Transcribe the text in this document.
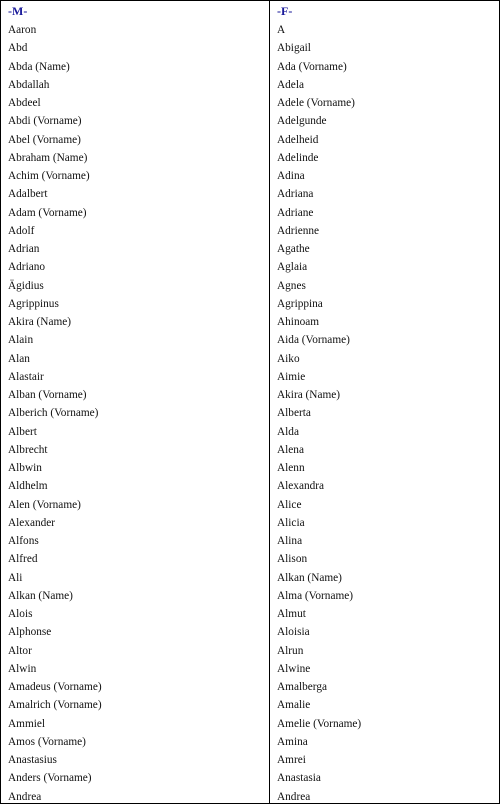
-M-
Aaron
Abd
Abda (Name)
Abdallah
Abdeel
Abdi (Vorname)
Abel (Vorname)
Abraham (Name)
Achim (Vorname)
Adalbert
Adam (Vorname)
Adolf
Adrian
Adriano
Ägidius
Agrippinus
Akira (Name)
Alain
Alan
Alastair
Alban (Vorname)
Alberich (Vorname)
Albert
Albrecht
Albwin
Aldhelm
Alen (Vorname)
Alexander
Alfons
Alfred
Ali
Alkan (Name)
Alois
Alphonse
Altor
Alwin
Amadeus (Vorname)
Amalrich (Vorname)
Ammiel
Amos (Vorname)
Anastasius
Anders (Vorname)
Andrea
-F-
A
Abigail
Ada (Vorname)
Adela
Adele (Vorname)
Adelgunde
Adelheid
Adelinde
Adina
Adriana
Adriane
Adrienne
Agathe
Aglaia
Agnes
Agrippina
Ahinoam
Aida (Vorname)
Aiko
Aimie
Akira (Name)
Alberta
Alda
Alena
Alenn
Alexandra
Alice
Alicia
Alina
Alison
Alkan (Name)
Alma (Vorname)
Almut
Aloisia
Alrun
Alwine
Amalberga
Amalie
Amelie (Vorname)
Amina
Amrei
Anastasia
Andrea
